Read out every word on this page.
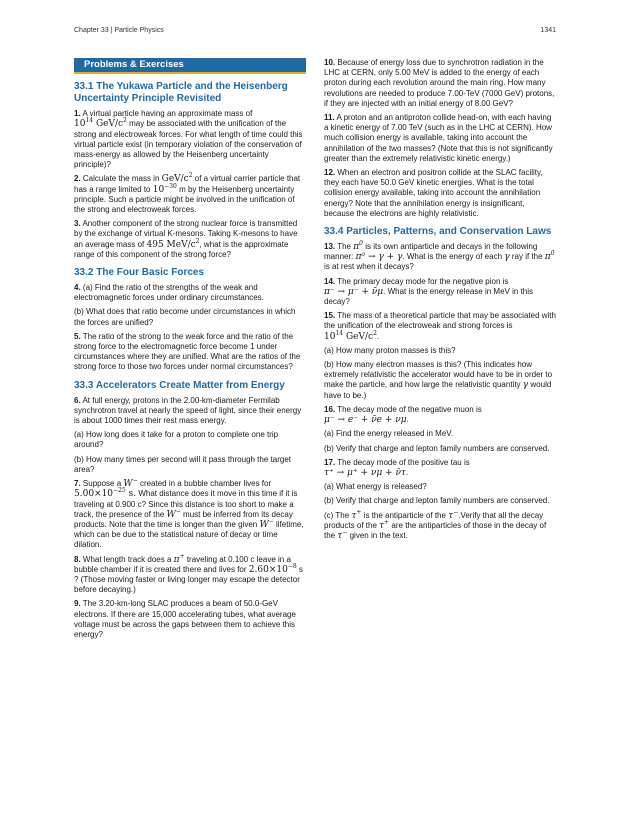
Chapter 33 | Particle Physics	1341
Problems & Exercises
33.1 The Yukawa Particle and the Heisenberg Uncertainty Principle Revisited

1. A virtual particle having an approximate mass of
$10^{14}$ GeV/$c^2$ may be associated with the unification of the strong and electroweak forces. For what length of time could this virtual particle exist (in temporary violation of the conservation of mass-energy as allowed by the Heisenberg uncertainty principle)?

2. Calculate the mass in GeV/$c^2$ of a virtual carrier particle that has a range limited to $10^{-30}$ m by the Heisenberg uncertainty principle. Such a particle might be involved in the unification of the strong and electroweak forces.

3. Another component of the strong nuclear force is transmitted by the exchange of virtual K-mesons. Taking K-mesons to have an average mass of 495 MeV/$c^2$, what is the approximate range of this component of the strong force?

33.2 The Four Basic Forces

4. (a) Find the ratio of the strengths of the weak and electromagnetic forces under ordinary circumstances.

(b) What does that ratio become under circumstances in which the forces are unified?

5. The ratio of the strong to the weak force and the ratio of the strong force to the electromagnetic force become 1 under circumstances where they are unified. What are the ratios of the strong force to those two forces under normal circumstances?

33.3 Accelerators Create Matter from Energy

6. At full energy, protons in the 2.00-km-diameter Fermilab synchrotron travel at nearly the speed of light, since their energy is about 1000 times their rest mass energy.

(a) How long does it take for a proton to complete one trip around?

(b) How many times per second will it pass through the target area?

7. Suppose a W− created in a bubble chamber lives for $5.00\times 10^{-25}$ s. What distance does it move in this time if it is traveling at 0.900 c? Since this distance is too short to make a track, the presence of the W− must be inferred from its decay products. Note that the time is longer than the given W− lifetime, which can be due to the statistical nature of decay or time dilation.

8. What length track does a π+ traveling at 0.100 c leave in a bubble chamber if it is created there and lives for $2.60\times 10^{-8}$ s ? (Those moving faster or living longer may escape the detector before decaying.)

9. The 3.20-km-long SLAC produces a beam of 50.0-GeV electrons. If there are 15,000 accelerating tubes, what average voltage must be across the gaps between them to achieve this energy?

10. Because of energy loss due to synchrotron radiation in the LHC at CERN, only 5.00 MeV is added to the energy of each proton during each revolution around the main ring. How many revolutions are needed to produce 7.00-TeV (7000 GeV) protons, if they are injected with an initial energy of 8.00 GeV?

11. A proton and an antiproton collide head-on, with each having a kinetic energy of 7.00 TeV (such as in the LHC at CERN). How much collision energy is available, taking into account the annihilation of the two masses? (Note that this is not significantly greater than the extremely relativistic kinetic energy.)

12. When an electron and positron collide at the SLAC facility, they each have 50.0 GeV kinetic energies. What is the total collision energy available, taking into account the annihilation energy? Note that the annihilation energy is insignificant, because the electrons are highly relativistic.

33.4 Particles, Patterns, and Conservation Laws

13. The $\pi^0$ is its own antiparticle and decays in the following manner: π⁰ → γ + γ. What is the energy of each γ ray if the $\pi^0$ is at rest when it decays?

14. The primary decay mode for the negative pion is
π⁻ → μ⁻ + ν̄μ. What is the energy release in MeV in this decay?

15. The mass of a theoretical particle that may be associated with the unification of the electroweak and strong forces is
$10^{14}$ GeV/$c^2$.

(a) How many proton masses is this?

(b) How many electron masses is this? (This indicates how extremely relativistic the accelerator would have to be in order to make the particle, and how large the relativistic quantity γ would have to be.)

16. The decay mode of the negative muon is
μ⁻ → e⁻ + ν̄e + νμ.

(a) Find the energy released in MeV.

(b) Verify that charge and lepton family numbers are conserved.

17. The decay mode of the positive tau is
τ⁺ → μ⁺ + νμ + ν̄τ.

(a) What energy is released?

(b) Verify that charge and lepton family numbers are conserved.

(c) The τ+ is the antiparticle of the τ−.Verify that all the decay products of the τ+ are the antiparticles of those in the decay of the τ− given in the text.
